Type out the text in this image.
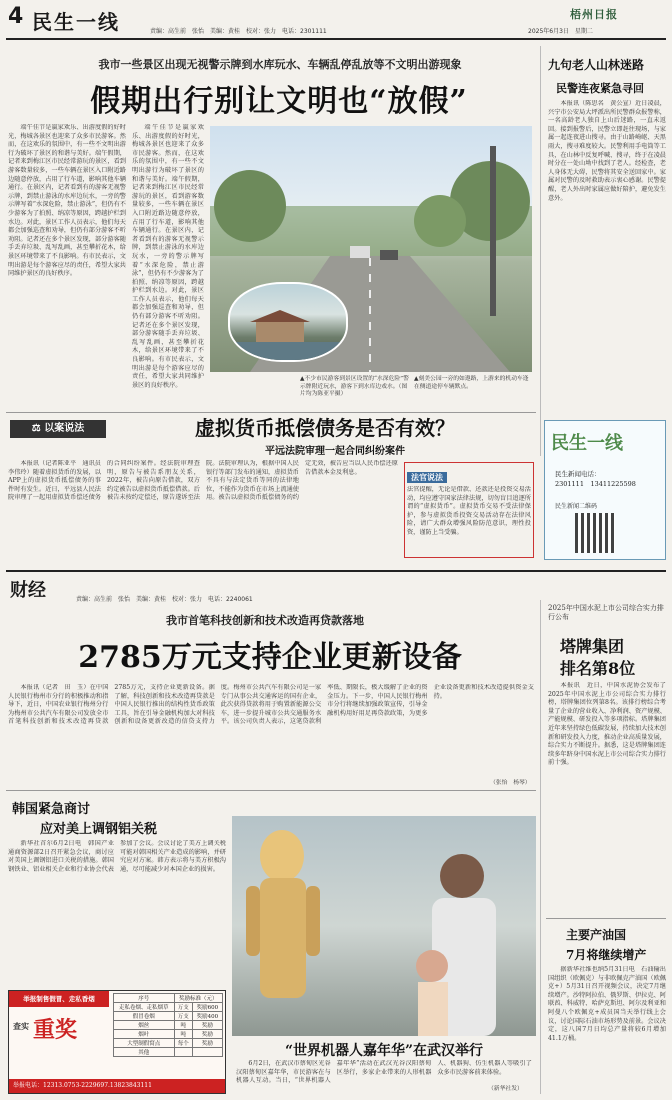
4 民生一线	责编：高生前　张怡　美编：黄桂　校对：张力　电话：2301111
梧州日报
2025年6月3日　星期二
我市一些景区出现无视警示牌到水库玩水、车辆乱停乱放等不文明出游现象
假期出行别让文明也“放假”

端午佳节是嬴家欢乐、出游度假的好时光，梅城各景区也迎来了众多市民游客。然而，在这欢乐的氛围中，有一些不文明出游行为破坏了景区的和谐与美好。端午假期，记者来到梅江区市民经常游玩的景区，看到游客数量较多，一些车辆在景区入口附近路边随意停放，占用了行车道，影响其他车辆通行。在景区内，记者看到有的游客无视警示牌，到禁止游泳的水库边玩水，一旁的警示牌写着“水深危险，禁止游泳”，但仍有不少游客为了拍照、纳凉等原因，跨越护栏到水边。对此，景区工作人员表示，他们每天都会加强巡查和劝导，但仍有部分游客不听劝阻。记者还在多个景区发现，部分游客随手丢弃垃圾、乱写乱画，甚至攀折花木，给景区环境带来了不良影响。有市民表示，文明出游是每个游客应尽的责任，希望大家共同维护景区的良好秩序。

▲刻美公园一旁的如遨路，上游来的机动车逢在侧道途停车辆默点。
▲不少市民游客到景区设置的“水深危险”警示牌附近玩水，游客下到水库边戏水。（图片均为陈亚平摄）

端午佳节是嬴家欢乐、出游度假的好时光，梅城各景区也迎来了众多市民游客。然而，在这欢乐的氛围中，有一些不文明出游行为破坏了景区的和谐与美好。端午假期，记者来到梅江区市民经常游玩的景区，看到游客数量较多，一些车辆在景区入口附近路边随意停放，占用了行车道，影响其他车辆通行。在景区内，记者看到有的游客无视警示牌，到禁止游泳的水库边玩水，一旁的警示牌写着“水深危险，禁止游泳”，但仍有不少游客为了拍照、纳凉等原因，跨越护栏到水边。对此，景区工作人员表示，他们每天都会加强巡查和劝导，但仍有部分游客不听劝阻。记者还在多个景区发现，部分游客随手丢弃垃圾、乱写乱画，甚至攀折花木，给景区环境带来了不良影响。有市民表示，文明出游是每个游客应尽的责任，希望大家共同维护景区的良好秩序。

九句老人山林迷路
民警连夜紧急寻回

本报讯（陈思名　黄公宣）近日凌晨，兴宁市公安局大坪派出所民警群众报警称，一名高龄老人独自上山后迷路，一直未返回。接到报警后，民警立即赶往现场，与家属一起连夜进山搜寻。由于山路崎岖、天黑雨大，搜寻难度较大。民警利用手电筒等工具，在山林中反复呼喊、搜寻，终于在凌晨时分在一处山坳中找到了老人。经检查，老人身体无大碍，民警将其安全送回家中。家属对民警的及时救助表示衷心感谢。民警提醒，老人外出时家属应做好陪护，避免发生意外。

⚖ 以案说法	虚拟货币抵偿债务是否有效？
平远法院审理一起合同纠纷案件

本报讯（记者陈亚平　通讯员李伟玲）随着虚拟货币的发展，以APP上的虚拟货币抵偿债务的事件时有发生。近日，平远县人民法院审理了一起用虚拟货币偿还债务的合同纠纷案件。经法院审理查明，原告与被告系朋友关系，2022年，被告向原告借款，双方约定被告以虚拟货币抵偿借款。后被告未按约定偿还，原告遂诉至法院。法院审理认为，根据中国人民银行等部门发布的通知，虚拟货币不具有与法定货币等同的法律地位，不能作为货币在市场上流通使用。被告以虚拟货币抵偿债务的约定无效，被告应当以人民币偿还原告借款本金及利息。	法官说法
法官提醒，无论是借款、还款还是投资交易活动，均应遵守国家法律法规，切勿盲目追逐所谓的“虚拟货币”。虚拟货币交易不受法律保护，参与虚拟货币投资交易活动存在法律风险，请广大群众增强风险防范意识，理性投资，谨防上当受骗。
民生一线
民生新闻电话：
2301111　13411225598
民生新闻二维码
财经	责编：高生前　张怡　美编：黄桂　校对：张力　电话：2240061
我市首笔科技创新和技术改造再贷款落地
2785万元支持企业更新设备

本报讯（记者　田　玉）在中国人民银行梅州市分行的积极推动和指导下，近日，中国农业银行梅州分行为梅州市公共汽车有限公司发放全市首笔科技创新和技术改造再贷款2785万元，支持企业更新设备。据了解，科技创新和技术改造再贷款是中国人民银行推出的结构性货币政策工具，旨在引导金融机构加大对科技创新和设备更新改造的信贷支持力度。梅州市公共汽车有限公司是一家专门从事公共交通客运的国有企业，此次获得贷款将用于购置新能源公交车，进一步提升城市公共交通服务水平。该公司负责人表示，这笔贷款利率低、期限长，极大缓解了企业的资金压力。下一步，中国人民银行梅州市分行将继续加强政策宣传，引导金融机构用好用足再贷款政策，为更多企业设备更新和技术改造提供资金支持。

（张怡　杨琴）
2025年中国水泥上市公司综合实力排行公布
塔牌集团
排名第8位

本报讯　近日，中国水泥协会发布了2025年中国水泥上市公司综合实力排行榜，塔牌集团位列第8名。该排行榜综合考量了企业的营业收入、净利润、资产规模、产能规模、研发投入等多项指标。塔牌集团近年来坚持绿色低碳发展，持续加大技术创新和研发投入力度，推动企业高质量发展，综合实力不断提升。据悉，这是塔牌集团连续多年跻身中国水泥上市公司综合实力排行前十强。

主要产油国
7月将继续增产

据新华社维也纳5月31日电　石油输出国组织（欧佩克）与非欧佩克产油国（欧佩克+）5月31日召开视频会议，决定7月继续增产。沙特阿拉伯、俄罗斯、伊拉克、阿联酋、科威特、哈萨克斯坦、阿尔及利亚和阿曼八个欧佩克+成员国当天举行线上会议，讨论国际石油市场形势及前景。会议决定，这八国7月日均总产量将较6月增加41.1万桶。

韩国紧急商讨
应对美上调钢铝关税

新华社首尔6月2日电　韩国产业通商资源部2日召开紧急会议，商讨应对美国上调钢铝进口关税的措施。韩国钢铁业、铝业相关企业和行业协会代表参加了会议。会议讨论了美方上调关税可能对韩国相关产业造成的影响，并研究应对方案。韩方表示将与美方积极沟通，尽可能减少对本国企业的损害。

举报制售假冒、走私香烟
查实 重奖
序号	奖励标准（元）	
走私卷烟、走私烟草	万支	奖励600
假冒卷烟	万支	奖励400
烟丝	吨	奖励
烟叶	吨	奖励
大型制假窝点	每个	奖励
其他		
举报电话：12313.0753-2229697.13823843111
“世界机器人嘉年华”在武汉举行

6月2日，在武汉市蔡甸区光谷汉阳蔡甸区嘉年华，市民游客在与机器人互动。当日，“世界机器人嘉年华”活动在武汉光谷汉阳蔡甸区举行，多家企业带来的人形机器人、机器狗、仿生机器人等吸引了众多市民游客前来体验。

（新华社发）
